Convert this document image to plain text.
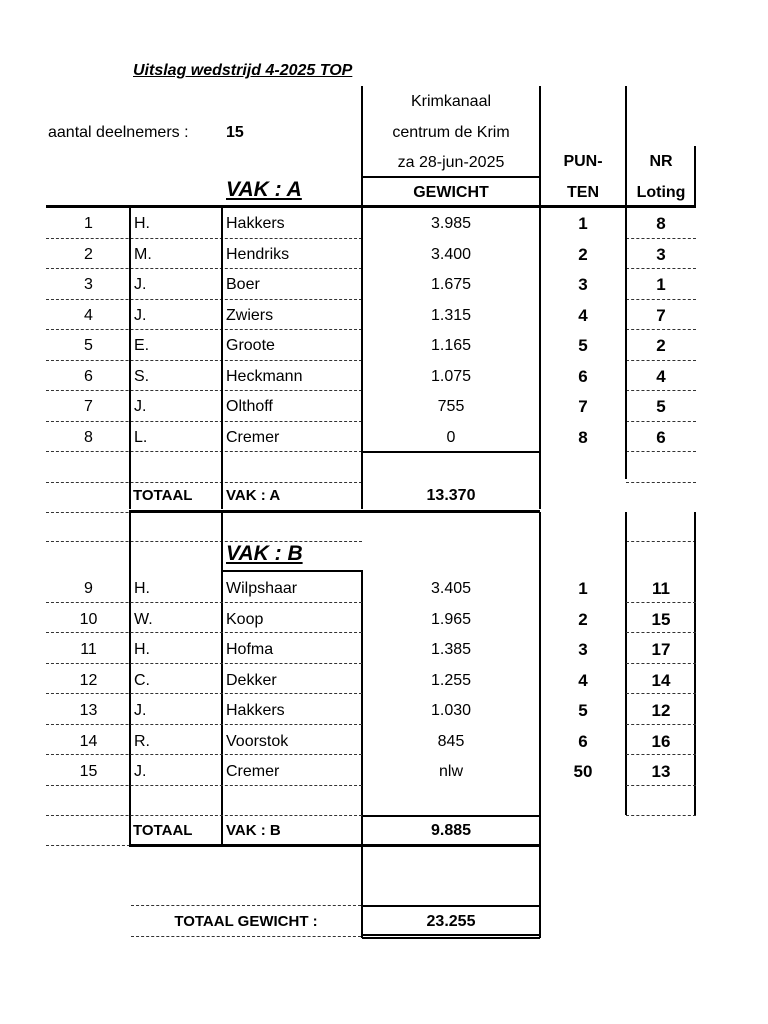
Uitslag wedstrijd 4-2025 TOP
aantal deelnemers : 15
Krimkanaal
centrum de Krim
za 28-jun-2025
VAK : A	GEWICHT
PUN-
TEN
NR
Loting
1	H.	Hakkers	3.985	1	8
2	M.	Hendriks	3.400	2	3
3	J.	Boer	1.675	3	1
4	J.	Zwiers	1.315	4	7
5	E.	Groote	1.165	5	2
6	S.	Heckmann	1.075	6	4
7	J.	Olthoff	755	7	5
8	L.	Cremer	0	8	6
TOTAAL VAK : A	13.370
VAK : B
9	H.	Wilpshaar	3.405	1	11
10	W.	Koop	1.965	2	15
11	H.	Hofma	1.385	3	17
12	C.	Dekker	1.255	4	14
13	J.	Hakkers	1.030	5	12
14	R.	Voorstok	845	6	16
15	J.	Cremer	nlw	50	13
TOTAAL VAK : B	9.885
TOTAAL GEWICHT :	23.255
